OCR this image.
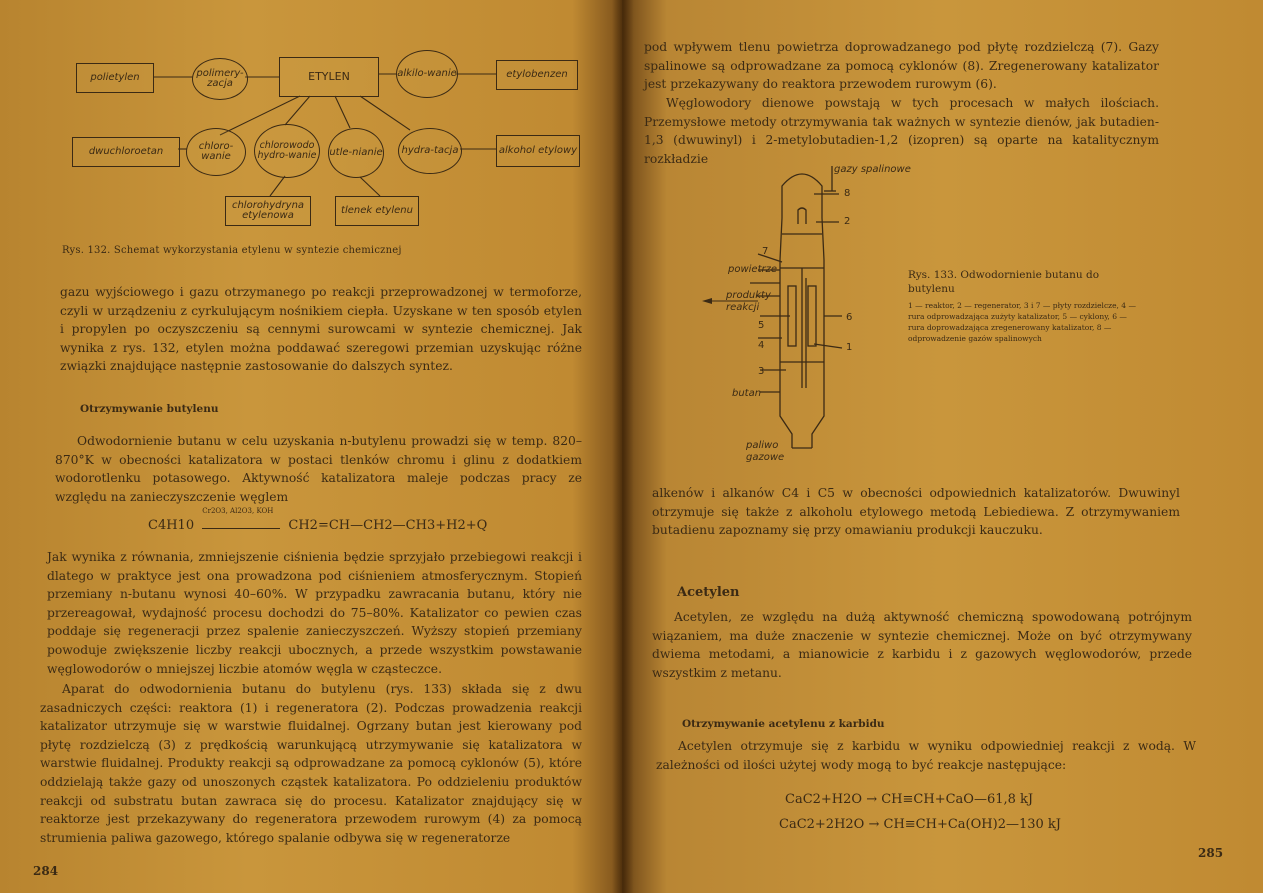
polietylen	polimery-zacja
ETYLEN	alkilo-wanie	etylobenzen
dwuchloroetan	chloro-wanie
chlorowodo hydro-wanie	utle-nianie	hydra-tacja	alkohol etylowy
chlorohydryna etylenowa	tlenek etylenu
Rys. 132. Schemat wykorzystania etylenu w syntezie chemicznej

gazu wyjściowego i gazu otrzymanego po reakcji przeprowadzonej w termoforze, czyli w urządzeniu z cyrkulującym nośnikiem ciepła. Uzyskane w ten sposób etylen i propylen po oczyszczeniu są cennymi surowcami w syntezie chemicznej. Jak wynika z rys. 132, etylen można poddawać szeregowi przemian uzyskując różne związki znajdujące następnie zastosowanie do dalszych syntez.

Otrzymywanie butylenu

Odwodornienie butanu w celu uzyskania n-butylenu prowadzi się w temp. 820–870°K w obecności katalizatora w postaci tlenków chromu i glinu z dodatkiem wodorotlenku potasowego. Aktywność katalizatora maleje podczas pracy ze względu na zanieczyszczenie węglem

C4H10
Cr2O3, Al2O3, KOH
CH2=CH—CH2—CH3+H2+Q

Jak wynika z równania, zmniejszenie ciśnienia będzie sprzyjało przebiegowi reakcji i dlatego w praktyce jest ona prowadzona pod ciśnieniem atmosferycznym. Stopień przemiany n-butanu wynosi 40–60%. W przypadku zawracania butanu, który nie przereagował, wydajność procesu dochodzi do 75–80%. Katalizator co pewien czas poddaje się regeneracji przez spalenie zanieczyszczeń. Wyższy stopień przemiany powoduje zwiększenie liczby reakcji ubocznych, a przede wszystkim powstawanie węglowodorów o mniejszej liczbie atomów węgla w cząsteczce.

Aparat do odwodornienia butanu do butylenu (rys. 133) składa się z dwu zasadniczych części: reaktora (1) i regeneratora (2). Podczas prowadzenia reakcji katalizator utrzymuje się w warstwie fluidalnej. Ogrzany butan jest kierowany pod płytę rozdzielczą (3) z prędkością warunkującą utrzymywanie się katalizatora w warstwie fluidalnej. Produkty reakcji są odprowadzane za pomocą cyklonów (5), które oddzielają także gazy od unoszonych cząstek katalizatora. Po oddzieleniu produktów reakcji od substratu butan zawraca się do procesu. Katalizator znajdujący się w reaktorze jest przekazywany do regeneratora przewodem rurowym (4) za pomocą strumienia paliwa gazowego, którego spalanie odbywa się w regeneratorze

284

pod wpływem tlenu powietrza doprowadzanego pod płytę rozdzielczą (7). Gazy spalinowe są odprowadzane za pomocą cyklonów (8). Zregenerowany katalizator jest przekazywany do reaktora przewodem rurowym (6).

Węglowodory dienowe powstają w tych procesach w małych ilościach. Przemysłowe metody otrzymywania tak ważnych w syntezie dienów, jak butadien-1,3 (dwuwinyl) i 2-metylobutadien-1,2 (izopren) są oparte na katalitycznym rozkładzie

gazy spalinowe
8
2
7
powietrze
produkty reakcji
5
6
4	1
3
butan
paliwo gazowe
Rys. 133. Odwodornienie butanu do butylenu
1 — reaktor, 2 — regenerator, 3 i 7 — płyty rozdzielcze, 4 — rura odprowadzająca zużyty katalizator, 5 — cyklony, 6 — rura doprowadzająca zregenerowany katalizator, 8 — odprowadzenie gazów spalinowych

alkenów i alkanów C4 i C5 w obecności odpowiednich katalizatorów. Dwuwinyl otrzymuje się także z alkoholu etylowego metodą Lebiediewa. Z otrzymywaniem butadienu zapoznamy się przy omawianiu produkcji kauczuku.

Acetylen

Acetylen, ze względu na dużą aktywność chemiczną spowodowaną potrójnym wiązaniem, ma duże znaczenie w syntezie chemicznej. Może on być otrzymywany dwiema metodami, a mianowicie z karbidu i z gazowych węglowodorów, przede wszystkim z metanu.

Otrzymywanie acetylenu z karbidu

Acetylen otrzymuje się z karbidu w wyniku odpowiedniej reakcji z wodą. W zależności od ilości użytej wody mogą to być reakcje następujące:

CaC2+H2O → CH≡CH+CaO—61,8 kJ
CaC2+2H2O → CH≡CH+Ca(OH)2—130 kJ
285
